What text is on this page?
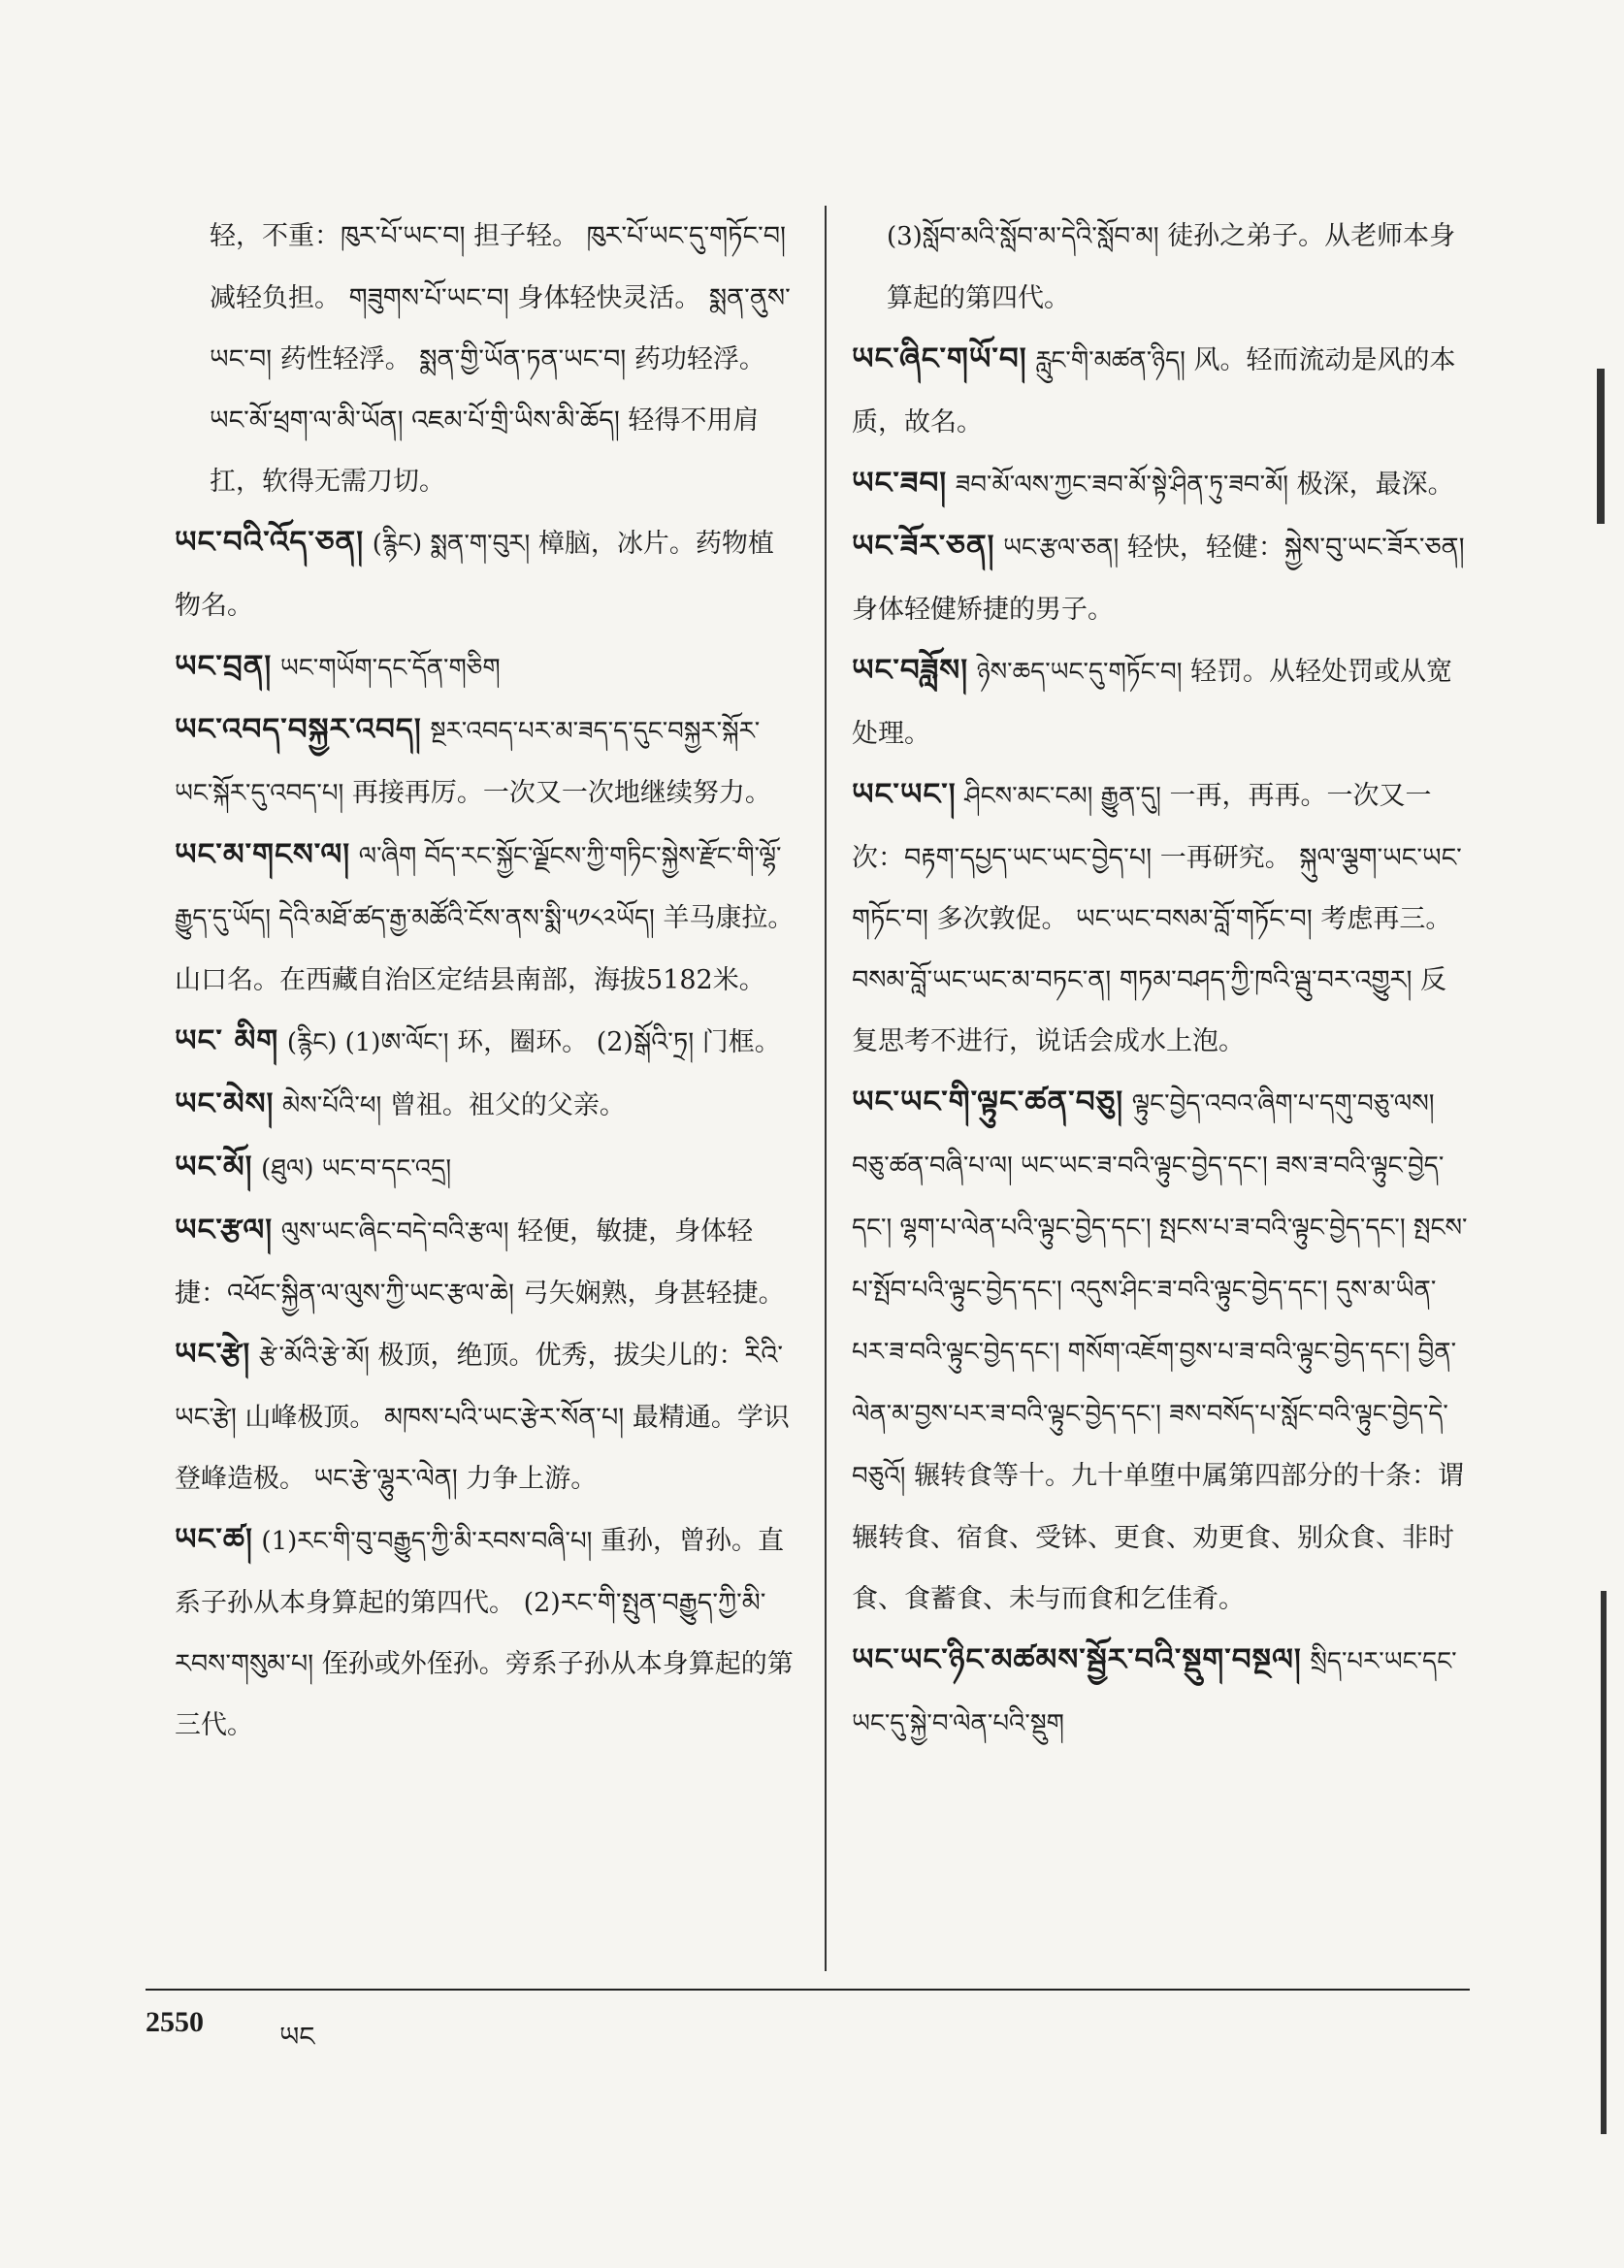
轻，不重：ཁུར་པོ་ཡང་བ། 担子轻。 ཁུར་པོ་ཡང་དུ་གཏོང་བ། 减轻负担。 གཟུགས་པོ་ཡང་བ། 身体轻快灵活。 སྨན་ནུས་ཡང་བ། 药性轻浮。 སྨན་གྱི་ཡོན་ཏན་ཡང་བ། 药功轻浮。 ཡང་མོ་ཕྲག་ལ་མི་ཡོན། འཇམ་པོ་གྲི་ཡིས་མི་ཆོད། 轻得不用肩扛，软得无需刀切。
ཡང་བའི་འོད་ཅན། (རྙིང) སྨན་ག་བུར། 樟脑，冰片。药物植物名。
ཡང་བྲན། ཡང་གཡོག་དང་དོན་གཅིག
ཡང་འབད་བསྐྱར་འབད། སྔར་འབད་པར་མ་ཟད་ད་དུང་བསྐྱར་སྐོར་ཡང་སྐོར་དུ་འབད་པ། 再接再厉。一次又一次地继续努力。
ཡང་མ་གངས་ལ། ལ་ཞིག བོད་རང་སྐྱོང་ལྗོངས་ཀྱི་གཏིང་སྐྱེས་རྫོང་གི་ལྷོ་རྒྱུད་དུ་ཡོད། དེའི་མཐོ་ཚད་རྒྱ་མཚོའི་ངོས་ནས་སྨི་༥༡༨༢ཡོད། 羊马康拉。山口名。在西藏自治区定结县南部，海拔5182米。
ཡང་ མིག (རྙིང) (1)ཨ་ལོང་། 环，圈环。 (2)སྒོའི་ཏྲ། 门框。
ཡང་མེས། མེས་པོའི་ཕ། 曾祖。祖父的父亲。
ཡང་མོ། (ཐུལ) ཡང་བ་དང་འདྲ།
ཡང་རྩལ། ལུས་ཡང་ཞིང་བདེ་བའི་རྩལ། 轻便，敏捷，身体轻捷：འཕོང་སྐྱིན་ལ་ལུས་ཀྱི་ཡང་རྩལ་ཆེ། 弓矢娴熟，身甚轻捷。
ཡང་རྩེ། རྩེ་མོའི་རྩེ་མོ། 极顶，绝顶。优秀，拔尖儿的：རིའི་ཡང་རྩེ། 山峰极顶。 མཁས་པའི་ཡང་རྩེར་སོན་པ། 最精通。学识登峰造极。 ཡང་རྩེ་ལྷུར་ལེན། 力争上游。
ཡང་ཚ། (1)རང་གི་བུ་བརྒྱུད་ཀྱི་མི་རབས་བཞི་པ། 重孙，曾孙。直系子孙从本身算起的第四代。 (2)རང་གི་སྤུན་བརྒྱུད་ཀྱི་མི་རབས་གསུམ་པ། 侄孙或外侄孙。旁系子孙从本身算起的第三代。
(3)སློབ་མའི་སློབ་མ་དེའི་སློབ་མ། 徒孙之弟子。从老师本身算起的第四代。
ཡང་ཞིང་གཡོ་བ། རླུང་གི་མཚན་ཉིད། 风。轻而流动是风的本质，故名。
ཡང་ཟབ། ཟབ་མོ་ལས་ཀྱང་ཟབ་མོ་སྟེ་ཤིན་ཏུ་ཟབ་མོ། 极深，最深。
ཡང་ཟོར་ཅན། ཡང་རྩལ་ཅན། 轻快，轻健：སྐྱེས་བུ་ཡང་ཟོར་ཅན། 身体轻健矫捷的男子。
ཡང་བཟློས། ཉེས་ཆད་ཡང་དུ་གཏོང་བ། 轻罚。从轻处罚或从宽处理。
ཡང་ཡང་། ཤིངས་མང་ངམ། རྒྱུན་དུ། 一再，再再。一次又一次：བརྟག་དཔྱད་ཡང་ཡང་བྱེད་པ། 一再研究。 སྐུལ་ལྕག་ཡང་ཡང་གཏོང་བ། 多次敦促。 ཡང་ཡང་བསམ་བློ་གཏོང་བ། 考虑再三。 བསམ་བློ་ཡང་ཡང་མ་བཏང་ན། གཏམ་བཤད་ཀྱི་ཁའི་ལྦུ་བར་འགྱུར། 反复思考不进行，说话会成水上泡。
ཡང་ཡང་གི་ལྟུང་ཚན་བཅུ། ལྟུང་བྱེད་འབའ་ཞིག་པ་དགུ་བཅུ་ལས། བཅུ་ཚན་བཞི་པ་ལ། ཡང་ཡང་ཟ་བའི་ལྟུང་བྱེད་དང་། ཟས་ཟ་བའི་ལྟུང་བྱེད་དང་། ལྷག་པ་ལེན་པའི་ལྟུང་བྱེད་དང་། སྤངས་པ་ཟ་བའི་ལྟུང་བྱེད་དང་། སྤངས་པ་སྤོབ་པའི་ལྟུང་བྱེད་དང་། འདུས་ཤིང་ཟ་བའི་ལྟུང་བྱེད་དང་། དུས་མ་ཡིན་པར་ཟ་བའི་ལྟུང་བྱེད་དང་། གསོག་འཇོག་བྱས་པ་ཟ་བའི་ལྟུང་བྱེད་དང་། བྱིན་ལེན་མ་བྱས་པར་ཟ་བའི་ལྟུང་བྱེད་དང་། ཟས་བསོད་པ་སློང་བའི་ལྟུང་བྱེད་དེ་བཅུའོ། 辗转食等十。九十单堕中属第四部分的十条：谓辗转食、宿食、受钵、更食、劝更食、别众食、非时食、食蓄食、未与而食和乞佳肴。
ཡང་ཡང་ཉིང་མཚམས་སྦྱོར་བའི་སྡུག་བསྔལ། སྲིད་པར་ཡང་དང་ཡང་དུ་སྐྱེ་བ་ལེན་པའི་སྡུག
2550	ཡང
